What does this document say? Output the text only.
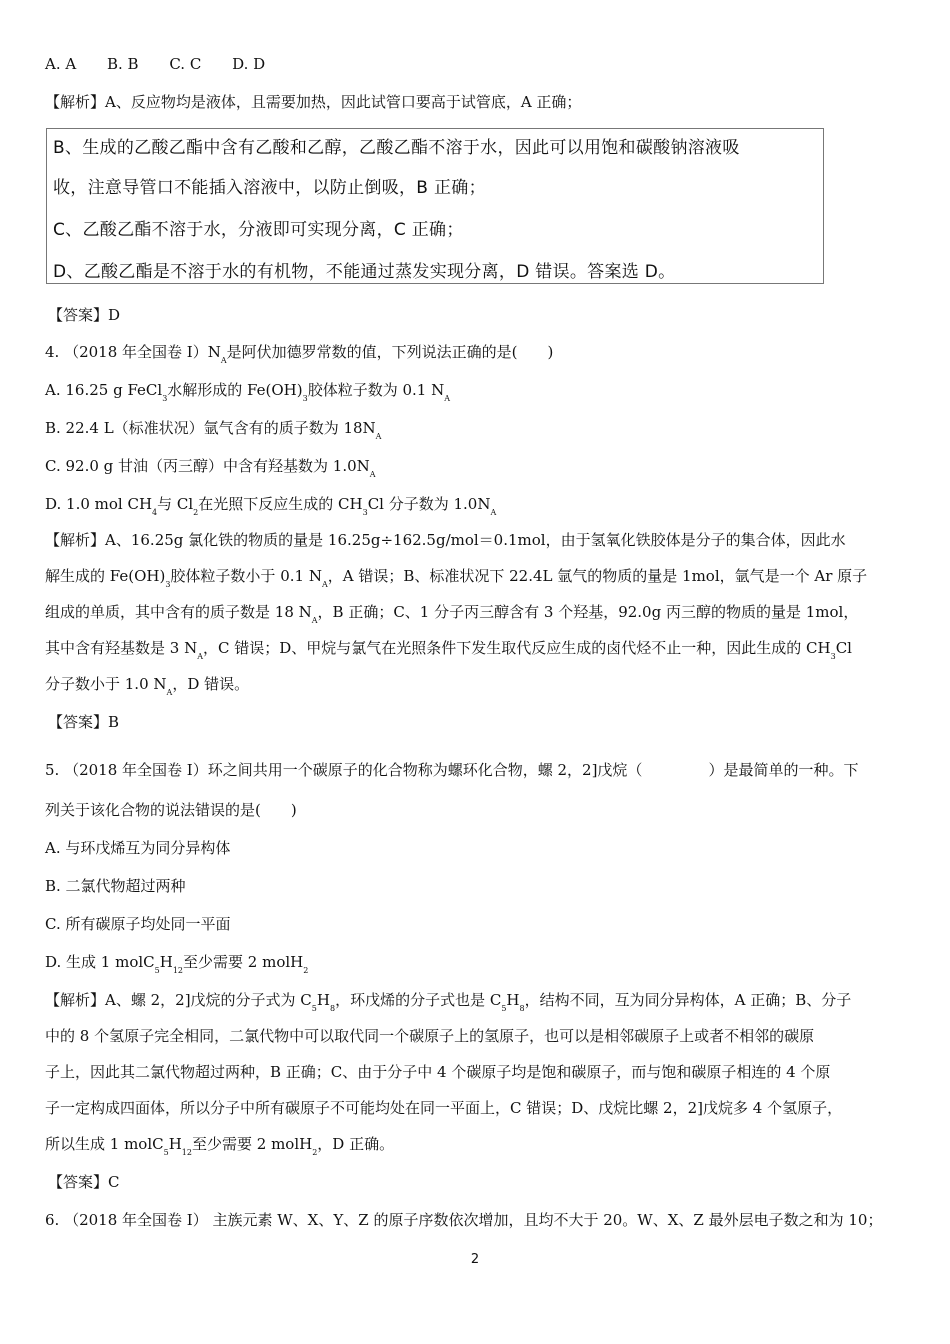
A. A B. B C. C D. D
【解析】A、反应物均是液体，且需要加热，因此试管口要高于试管底，A 正确；
B、生成的乙酸乙酯中含有乙酸和乙醇，乙酸乙酯不溶于水，因此可以用饱和碳酸钠溶液吸
收，注意导管口不能插入溶液中，以防止倒吸，B 正确；
C、乙酸乙酯不溶于水，分液即可实现分离，C 正确；
D、乙酸乙酯是不溶于水的有机物，不能通过蒸发实现分离，D 错误。答案选 D。
【答案】D
4. （2018 年全国卷 $I)N_A$是阿伏加德罗常数的值，下列说法正确的是(　　)
A. 16.25 g FeCl$_3$水解形成的 $Fe(OH)_3$胶体粒子数为 0.1 $N_A$
B. 22.4 L（标准状况）氩气含有的质子数为 $18N_A$
C. 92.0 g 甘油（丙三醇）中含有羟基数为 $1.0N_A$
D. 1.0 mol $CH_4$与 $Cl_2$在光照下反应生成的 $CH_3Cl$ 分子数为 $1.0N_A$
【解析】A、16.25g 氯化铁的物质的量是 16.25g÷162.5g/mol＝0.1mol，由于氢氧化铁胶体是分子的集合体，因此水
解生成的 $Fe(OH)_3$胶体粒子数小于 0.1 $N_A$，A 错误；B、标准状况下 22.4L 氩气的物质的量是 1mol，氩气是一个 Ar 原子
组成的单质，其中含有的质子数是 18 $N_A$，B 正确；C、1 分子丙三醇含有 3 个羟基，92.0g 丙三醇的物质的量是 1mol，
其中含有羟基数是 3 $N_A$，C 错误；D、甲烷与氯气在光照条件下发生取代反应生成的卤代烃不止一种，因此生成的 $CH_3Cl$
分子数小于 1.0 $N_A$，D 错误。
【答案】B
5. （2018 年全国卷 I）环之间共用一个碳原子的化合物称为螺环化合物，螺 2，2]戊烷（	）是最简单的一种。下
列关于该化合物的说法错误的是(　　)
A. 与环戊烯互为同分异构体
B. 二氯代物超过两种
C. 所有碳原子均处同一平面
D. 生成 1 $molC_5H_{12}$至少需要 2 molH$_2$
【解析】A、螺 2，2]戊烷的分子式为 $C_5H_8$，环戊烯的分子式也是 $C_5H_8$，结构不同，互为同分异构体，A 正确；B、分子
中的 8 个氢原子完全相同，二氯代物中可以取代同一个碳原子上的氢原子，也可以是相邻碳原子上或者不相邻的碳原
子上，因此其二氯代物超过两种，B 正确；C、由于分子中 4 个碳原子均是饱和碳原子，而与饱和碳原子相连的 4 个原
子一定构成四面体，所以分子中所有碳原子不可能均处在同一平面上，C 错误；D、戊烷比螺 2，2]戊烷多 4 个氢原子，
所以生成 1 $molC_5H_{12}$至少需要 2 molH$_2$，D 正确。
【答案】C
6. （2018 年全国卷 I） 主族元素 W、X、Y、Z 的原子序数依次增加，且均不大于 20。W、X、Z 最外层电子数之和为 10；
2
